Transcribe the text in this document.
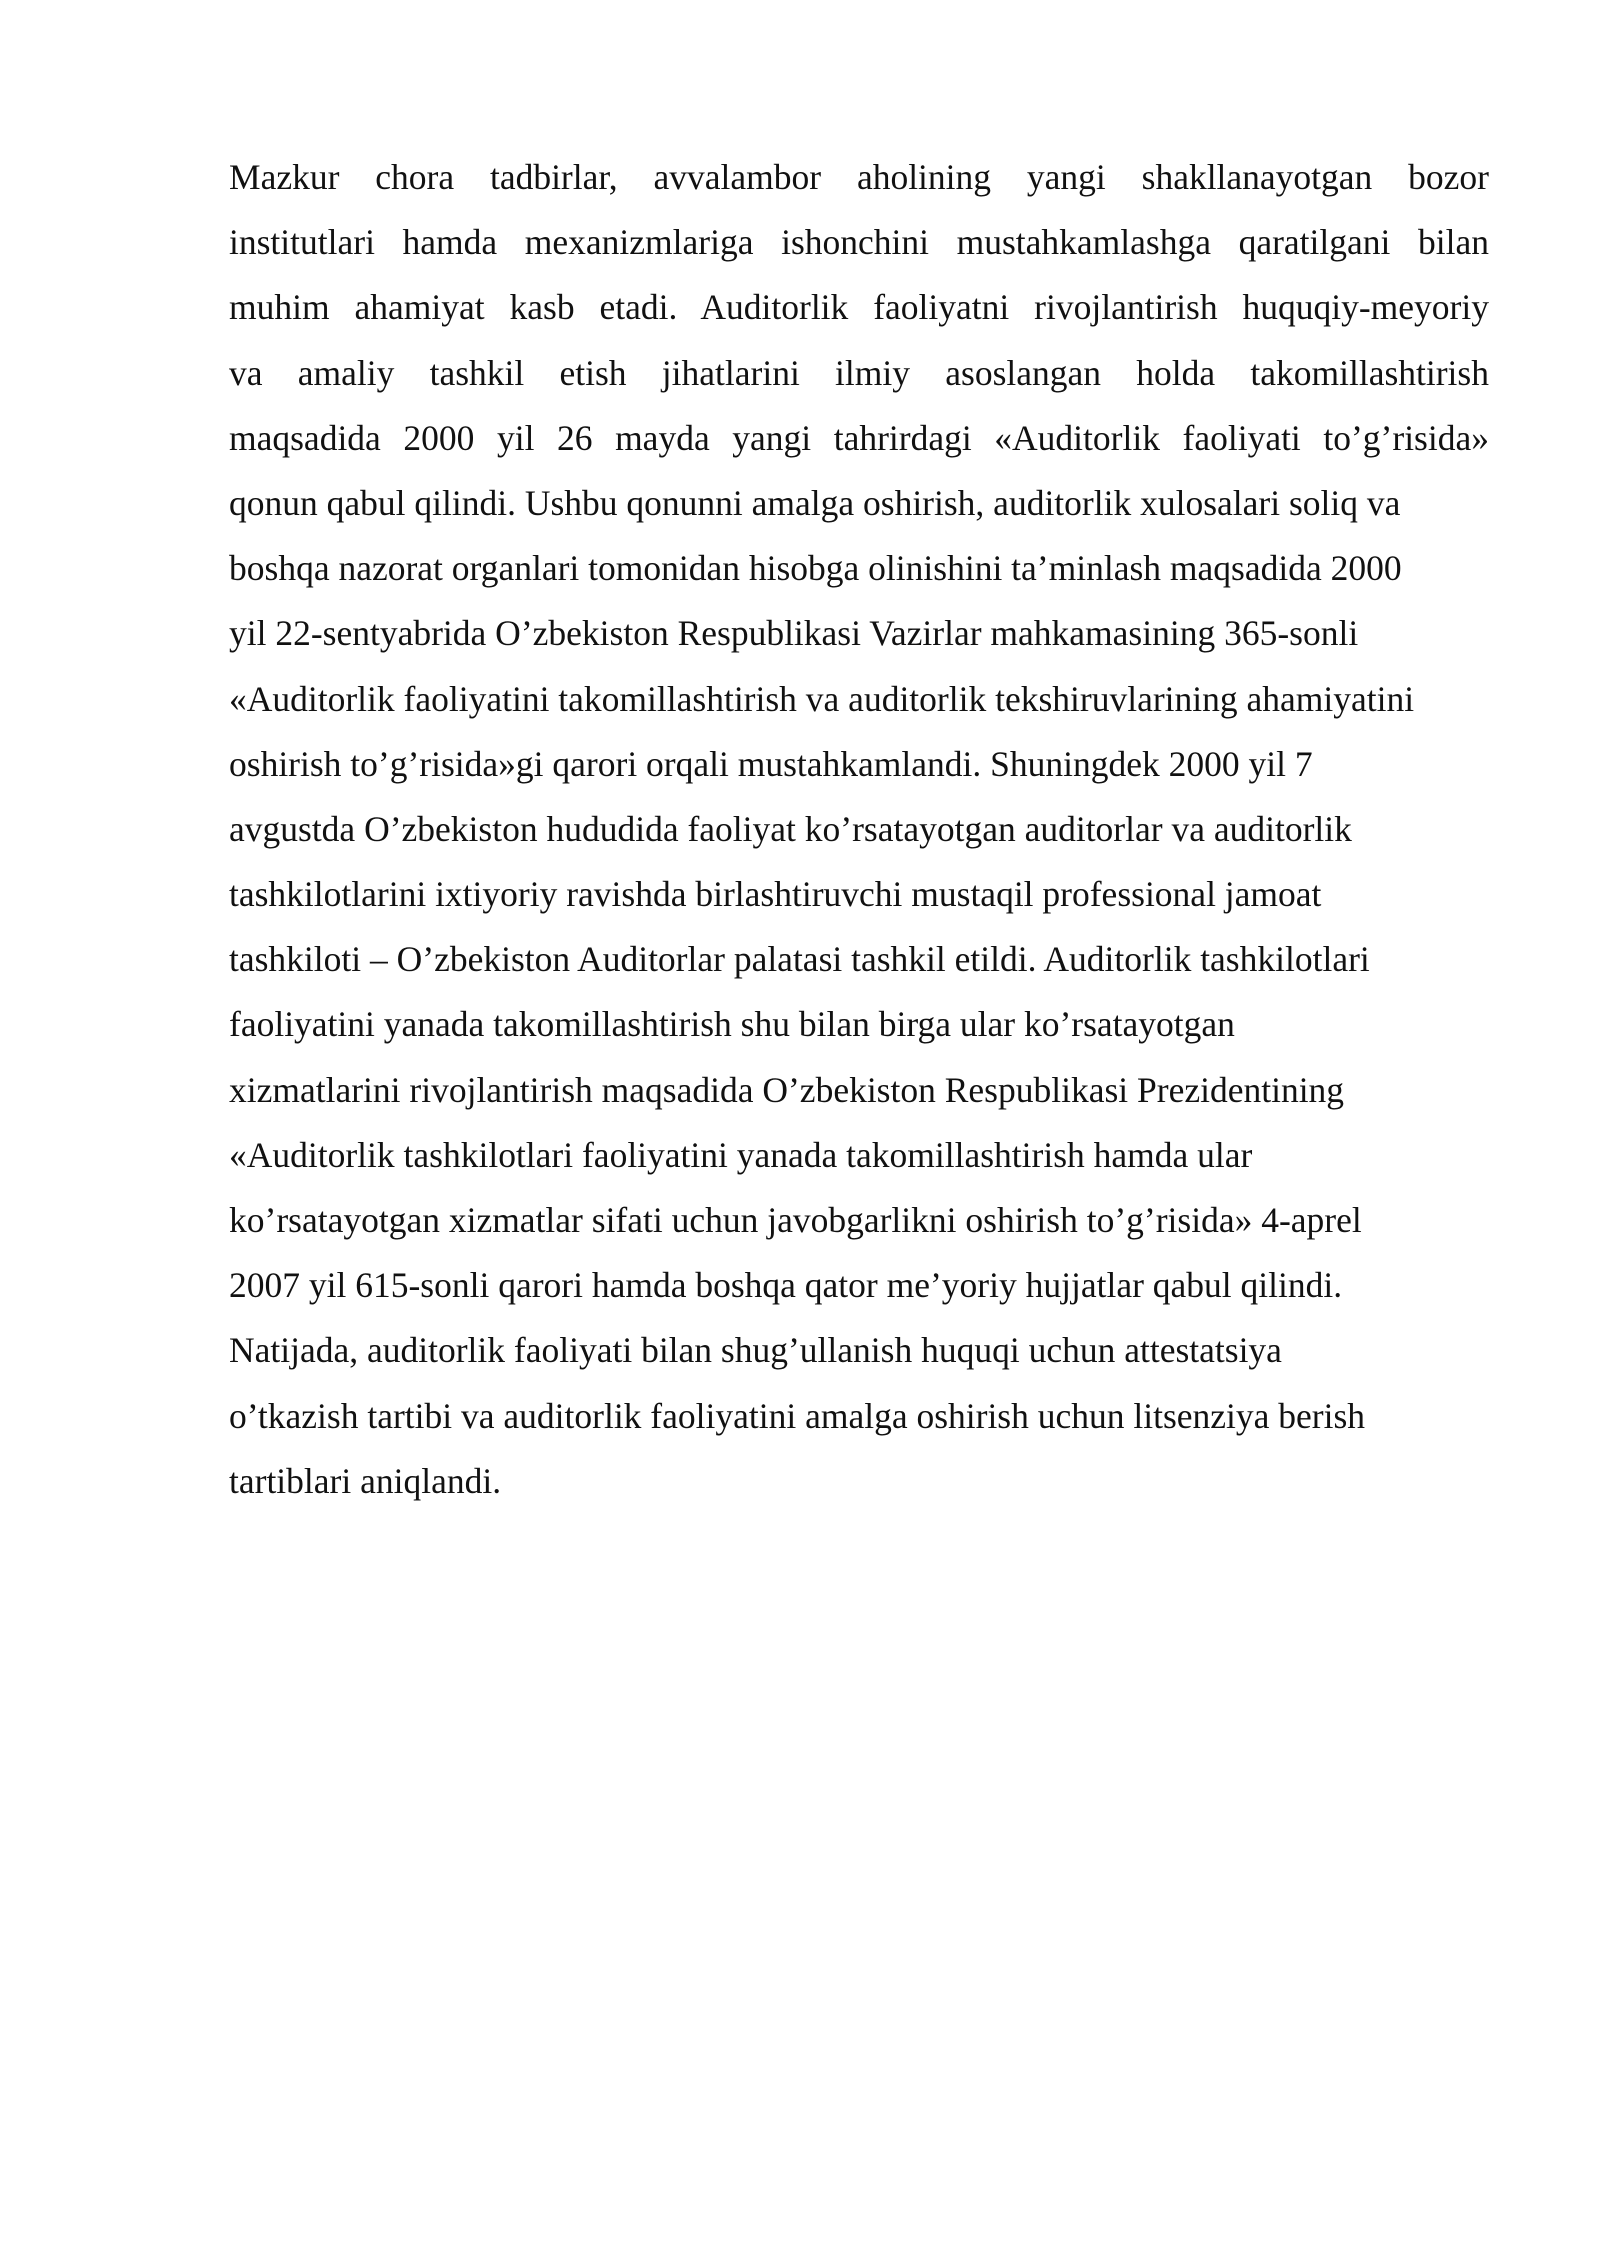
Mazkur chora tadbirlar, avvalambor aholining yangi shakllanayotgan bozor
institutlari hamda mexanizmlariga ishonchini mustahkamlashga qaratilgani bilan
muhim ahamiyat kasb etadi. Auditorlik faoliyatni rivojlantirish huquqiy-meyoriy
va amaliy tashkil etish jihatlarini ilmiy asoslangan holda takomillashtirish
maqsadida 2000 yil 26 mayda yangi tahrirdagi «Auditorlik faoliyati to’g’risida»
qonun qabul qilindi. Ushbu qonunni amalga oshirish, auditorlik xulosalari soliq va
boshqa nazorat organlari tomonidan hisobga olinishini ta’minlash maqsadida 2000
yil 22-sentyabrida O’zbekiston Respublikasi Vazirlar mahkamasining 365-sonli
«Auditorlik faoliyatini takomillashtirish va auditorlik tekshiruvlarining ahamiyatini
oshirish to’g’risida»gi qarori orqali mustahkamlandi. Shuningdek 2000 yil 7
avgustda O’zbekiston hududida faoliyat ko’rsatayotgan auditorlar va auditorlik
tashkilotlarini ixtiyoriy ravishda birlashtiruvchi mustaqil professional jamoat
tashkiloti – O’zbekiston Auditorlar palatasi tashkil etildi. Auditorlik tashkilotlari
faoliyatini yanada takomillashtirish shu bilan birga ular ko’rsatayotgan
xizmatlarini rivojlantirish maqsadida O’zbekiston Respublikasi Prezidentining
«Auditorlik tashkilotlari faoliyatini yanada takomillashtirish hamda ular
ko’rsatayotgan xizmatlar sifati uchun javobgarlikni oshirish to’g’risida» 4-aprel
2007 yil 615-sonli qarori hamda boshqa qator me’yoriy hujjatlar qabul qilindi.
Natijada, auditorlik faoliyati bilan shug’ullanish huquqi uchun attestatsiya
o’tkazish tartibi va auditorlik faoliyatini amalga oshirish uchun litsenziya berish
tartiblari aniqlandi.
